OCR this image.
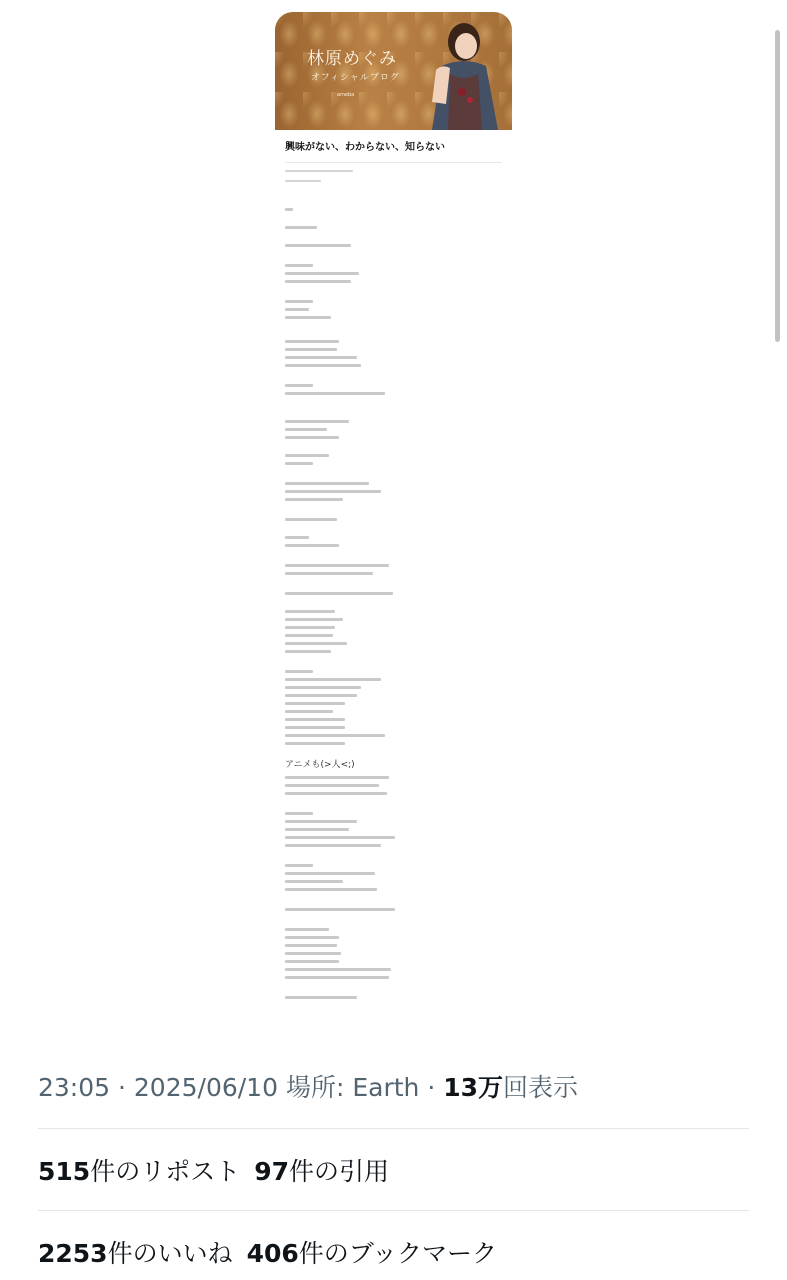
林原めぐみ

オフィシャルブログ

ameba
興味がない、わからない、知らない

アニメも(>人<;)

23:05 · 2025/06/10 場所: Earth · 13万回表示

515件のリポスト 97件の引用

2253件のいいね 406件のブックマーク
